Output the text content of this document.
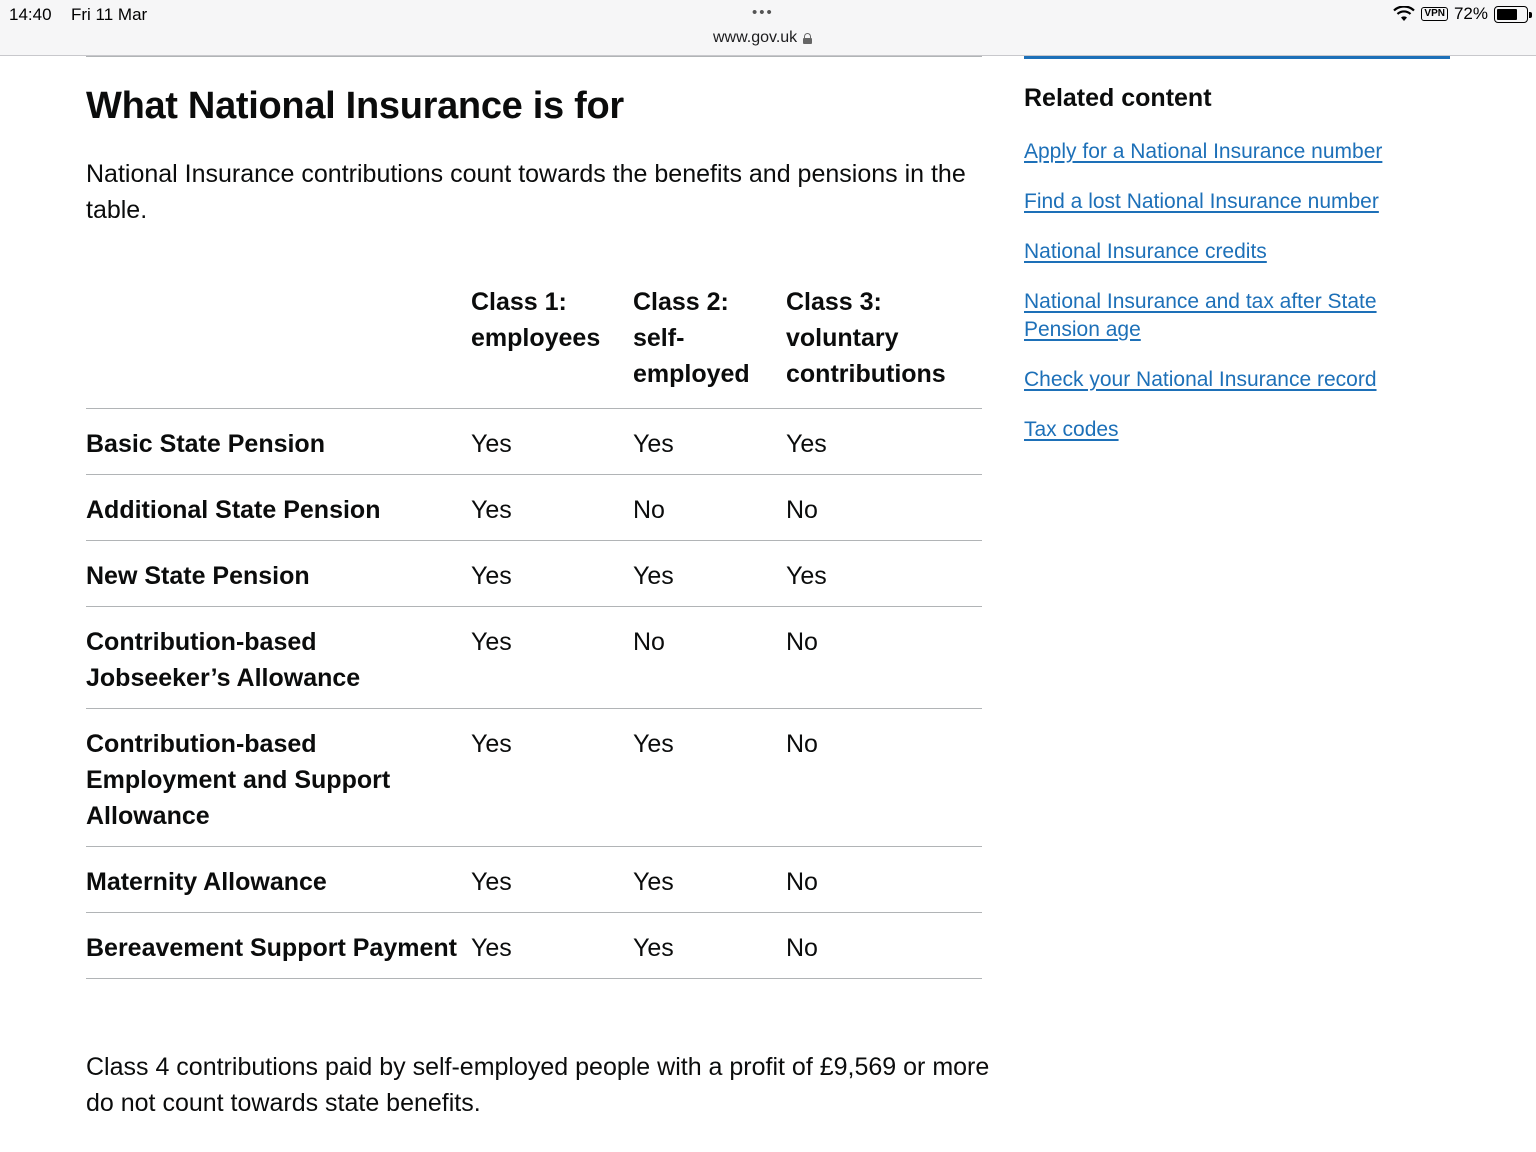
14:40 Fri 11 Mar	•••
www.gov.uk
VPN 72%
What National Insurance is for

National Insurance contributions count towards the benefits and pensions in the table.

	Class 1: employees	Class 2: self-employed	Class 3: voluntary contributions
Basic State Pension	Yes	Yes	Yes
Additional State Pension	Yes	No	No
New State Pension	Yes	Yes	Yes
Contribution-based Jobseeker’s Allowance	Yes	No	No
Contribution-based Employment and Support Allowance	Yes	Yes	No
Maternity Allowance	Yes	Yes	No
Bereavement Support Payment	Yes	Yes	No

Class 4 contributions paid by self-employed people with a profit of £9,569 or more do not count towards state benefits.

Related content
Apply for a National Insurance number
Find a lost National Insurance number
National Insurance credits
National Insurance and tax after State Pension age
Check your National Insurance record
Tax codes
